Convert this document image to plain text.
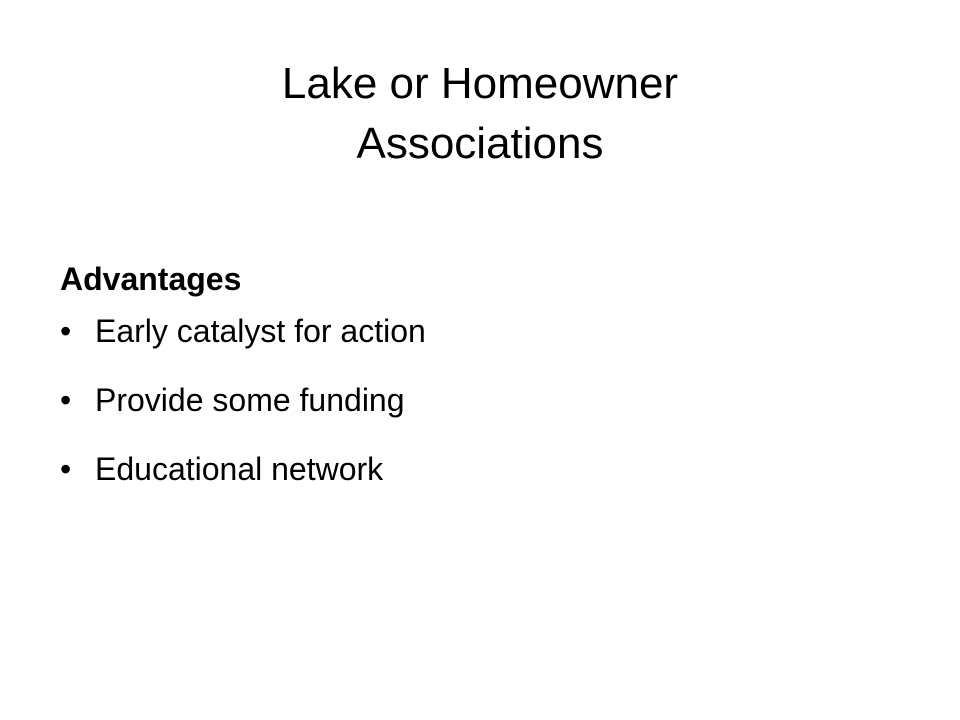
Lake or Homeowner
Associations

Advantages

• Early catalyst for action
• Provide some funding
• Educational network
